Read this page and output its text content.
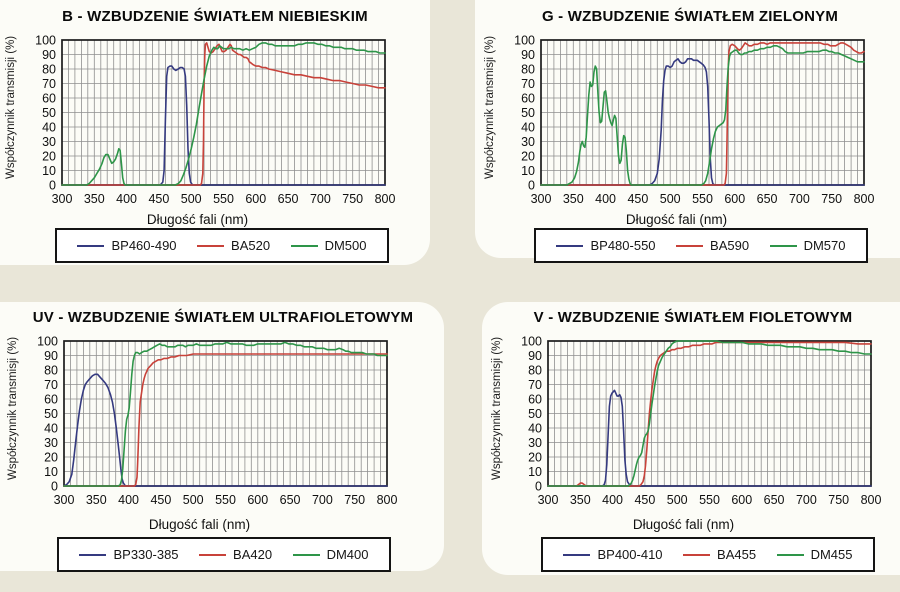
B - WZBUDZENIE ŚWIATŁEM NIEBIESKIM
Współczynnik transmisji (%)
300 350 400 450 500 550 600 650 700 750 800
0
10
20
30
40
50
60
70
80
90
100
Długość fali (nm)
BP460-490	BA520	DM500
G - WZBUDZENIE ŚWIATŁEM ZIELONYM
Współczynnik transmisji (%)
300 350 400 450 500 550 600 650 700 750 800
0
10
20
30
40
50
60
70
80
90
100
Długość fali (nm)
BP480-550	BA590	DM570
UV - WZBUDZENIE ŚWIATŁEM ULTRAFIOLETOWYM
Współczynnik transmisji (%)
300 350 400 450 500 550 600 650 700 750 800
0
10
20
30
40
50
60
70
80
90
100
Długość fali (nm)
BP330-385	BA420	DM400
V - WZBUDZENIE ŚWIATŁEM FIOLETOWYM
Współczynnik transmisji (%)
300 350 400 450 500 550 600 650 700 750 800
0
10
20
30
40
50
60
70
80
90
100
Długość fali (nm)
BP400-410	BA455	DM455
